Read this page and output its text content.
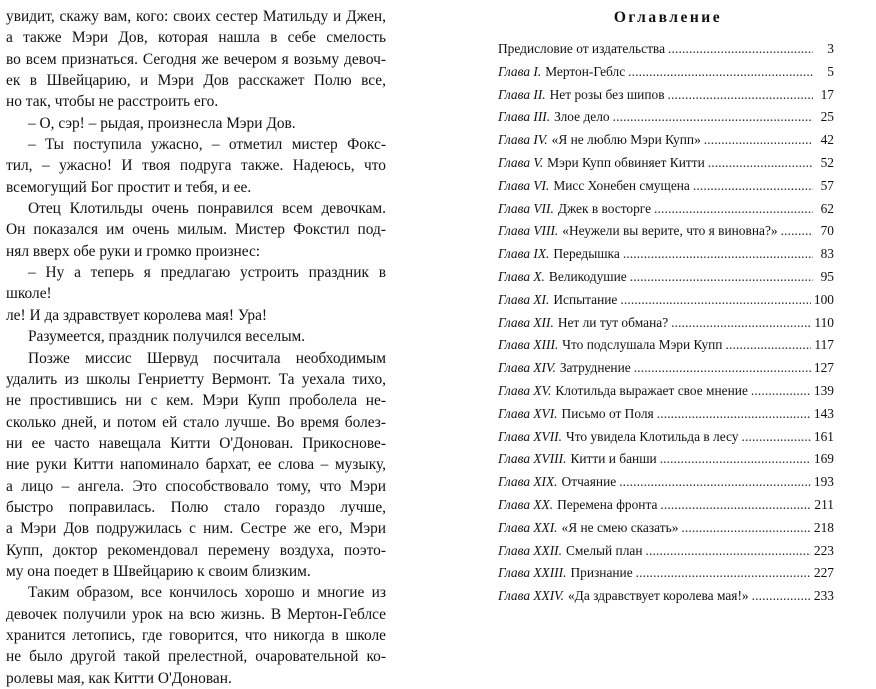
увидит, скажу вам, кого: своих сестер Матильду и Джен,

а также Мэри Дов, которая нашла в себе смелость

во всем признаться. Сегодня же вечером я возьму девоч-

ек в Швейцарию, и Мэри Дов расскажет Полю все,

но так, чтобы не расстроить его.

– О, сэр! – рыдая, произнесла Мэри Дов.

– Ты поступила ужасно, – отметил мистер Фокс-

тил, – ужасно! И твоя подруга также. Надеюсь, что

всемогущий Бог простит и тебя, и ее.

Отец Клотильды очень понравился всем девочкам.

Он показался им очень милым. Мистер Фокстил под-

нял вверх обе руки и громко произнес:

– Ну а теперь я предлагаю устроить праздник в школе!

ле! И да здравствует королева мая! Ура!

Разумеется, праздник получился веселым.

Позже миссис Шервуд посчитала необходимым

удалить из школы Генриетту Вермонт. Та уехала тихо,

не простившись ни с кем. Мэри Купп проболела не-

сколько дней, и потом ей стало лучше. Во время болез-

ни ее часто навещала Китти О'Донован. Прикоснове-

ние руки Китти напоминало бархат, ее слова – музыку,

а лицо – ангела. Это способствовало тому, что Мэри

быстро поправилась. Полю стало гораздо лучше,

а Мэри Дов подружилась с ним. Сестре же его, Мэри

Купп, доктор рекомендовал перемену воздуха, поэто-

му она поедет в Швейцарию к своим близким.

Таким образом, все кончилось хорошо и многие из

девочек получили урок на всю жизнь. В Мертон-Геблсе

хранится летопись, где говорится, что никогда в школе

не было другой такой прелестной, очаровательной ко-

ролевы мая, как Китти О'Донован.

Оглавление
Предисловие от издательства . . .	3
Глава I. Мертон-Геблс . . .	5
Глава II. Нет розы без шипов . . .	17
Глава III. Злое дело . . .	25
Глава IV. «Я не люблю Мэри Купп» . . .	42
Глава V. Мэри Купп обвиняет Китти . . .	52
Глава VI. Мисс Хонебен смущена . . .	57
Глава VII. Джек в восторге . . .	62
Глава VIII. «Неужели вы верите, что я виновна?» . . .	70
Глава IX. Передышка . . .	83
Глава X. Великодушие . . .	95
Глава XI. Испытание . . .	100
Глава XII. Нет ли тут обмана? . . .	110
Глава XIII. Что подслушала Мэри Купп . . .	117
Глава XIV. Затруднение . . .	127
Глава XV. Клотильда выражает свое мнение . . .	139
Глава XVI. Письмо от Поля . . .	143
Глава XVII. Что увидела Клотильда в лесу . . .	161
Глава XVIII. Китти и банши . . .	169
Глава XIX. Отчаяние . . .	193
Глава XX. Перемена фронта . . .	211
Глава XXI. «Я не смею сказать» . . .	218
Глава XXII. Смелый план . . .	223
Глава XXIII. Признание . . .	227
Глава XXIV. «Да здравствует королева мая!» . . .	233
